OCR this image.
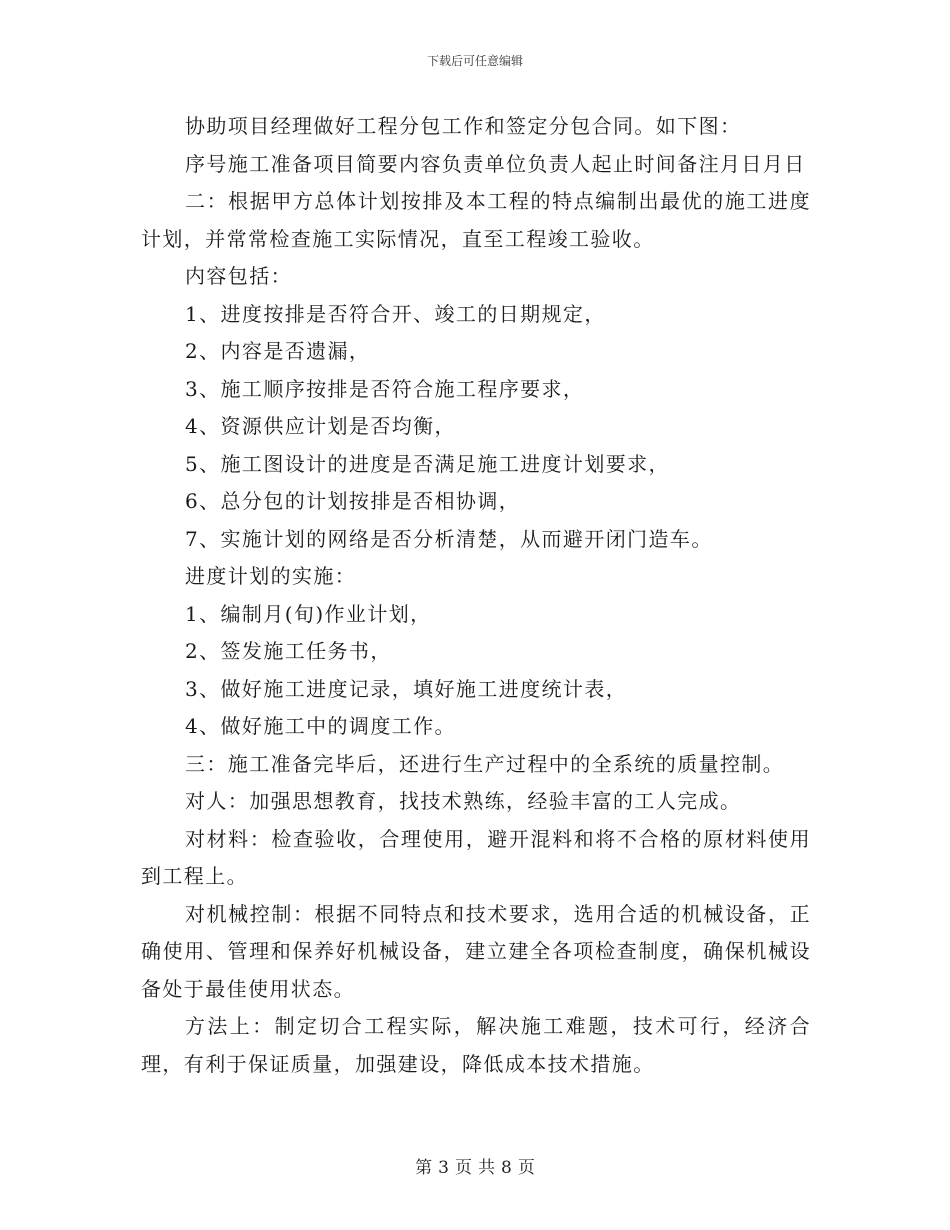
下载后可任意编辑

协助项目经理做好工程分包工作和签定分包合同。如下图：

序号施工准备项目简要内容负责单位负责人起止时间备注月日月日

二：根据甲方总体计划按排及本工程的特点编制出最优的施工进度计划，并常常检查施工实际情况，直至工程竣工验收。

内容包括：

1、进度按排是否符合开、竣工的日期规定，

2、内容是否遗漏，

3、施工顺序按排是否符合施工程序要求，

4、资源供应计划是否均衡，

5、施工图设计的进度是否满足施工进度计划要求，

6、总分包的计划按排是否相协调，

7、实施计划的网络是否分析清楚，从而避开闭门造车。

进度计划的实施：

1、编制月(旬)作业计划，

2、签发施工任务书，

3、做好施工进度记录，填好施工进度统计表，

4、做好施工中的调度工作。

三：施工准备完毕后，还进行生产过程中的全系统的质量控制。

对人：加强思想教育，找技术熟练，经验丰富的工人完成。

对材料：检查验收，合理使用，避开混料和将不合格的原材料使用到工程上。

对机械控制：根据不同特点和技术要求，选用合适的机械设备，正确使用、管理和保养好机械设备，建立建全各项检查制度，确保机械设备处于最佳使用状态。

方法上：制定切合工程实际，解决施工难题，技术可行，经济合理，有利于保证质量，加强建设，降低成本技术措施。

第 3 页 共 8 页
